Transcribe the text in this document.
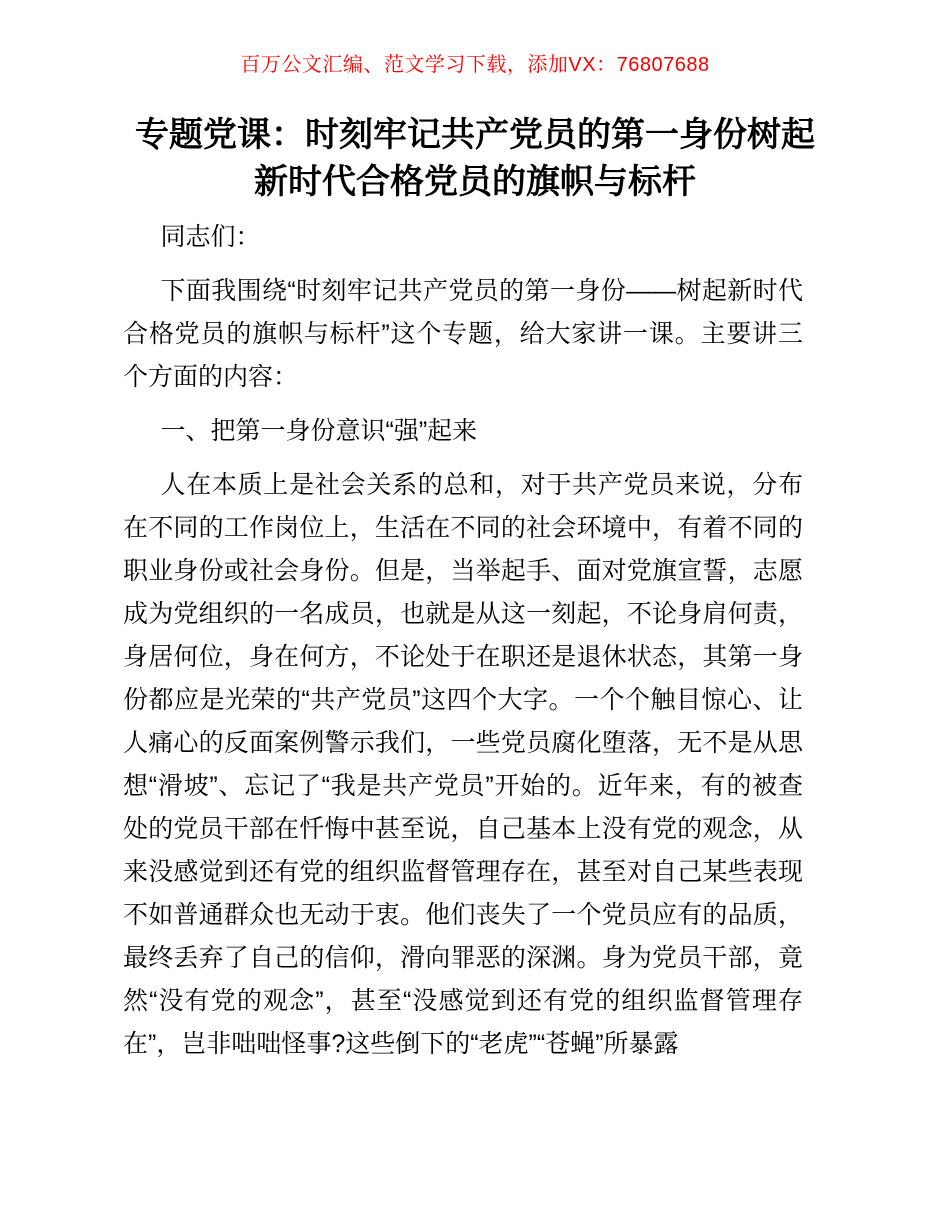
百万公文汇编、范文学习下载，添加VX：76807688
专题党课：时刻牢记共产党员的第一身份树起
新时代合格党员的旗帜与标杆

同志们：

下面我围绕“时刻牢记共产党员的第一身份——树起新时代合格党员的旗帜与标杆”这个专题，给大家讲一课。主要讲三个方面的内容：

一、把第一身份意识“强”起来

人在本质上是社会关系的总和，对于共产党员来说，分布在不同的工作岗位上，生活在不同的社会环境中，有着不同的职业身份或社会身份。但是，当举起手、面对党旗宣誓，志愿成为党组织的一名成员，也就是从这一刻起，不论身肩何责，身居何位，身在何方，不论处于在职还是退休状态，其第一身份都应是光荣的“共产党员”这四个大字。一个个触目惊心、让人痛心的反面案例警示我们，一些党员腐化堕落，无不是从思想“滑坡”、忘记了“我是共产党员”开始的。近年来，有的被查处的党员干部在忏悔中甚至说，自己基本上没有党的观念，从来没感觉到还有党的组织监督管理存在，甚至对自己某些表现不如普通群众也无动于衷。他们丧失了一个党员应有的品质，最终丢弃了自己的信仰，滑向罪恶的深渊。身为党员干部，竟然“没有党的观念”，甚至“没感觉到还有党的组织监督管理存在”，岂非咄咄怪事?这些倒下的“老虎”“苍蝇”所暴露
